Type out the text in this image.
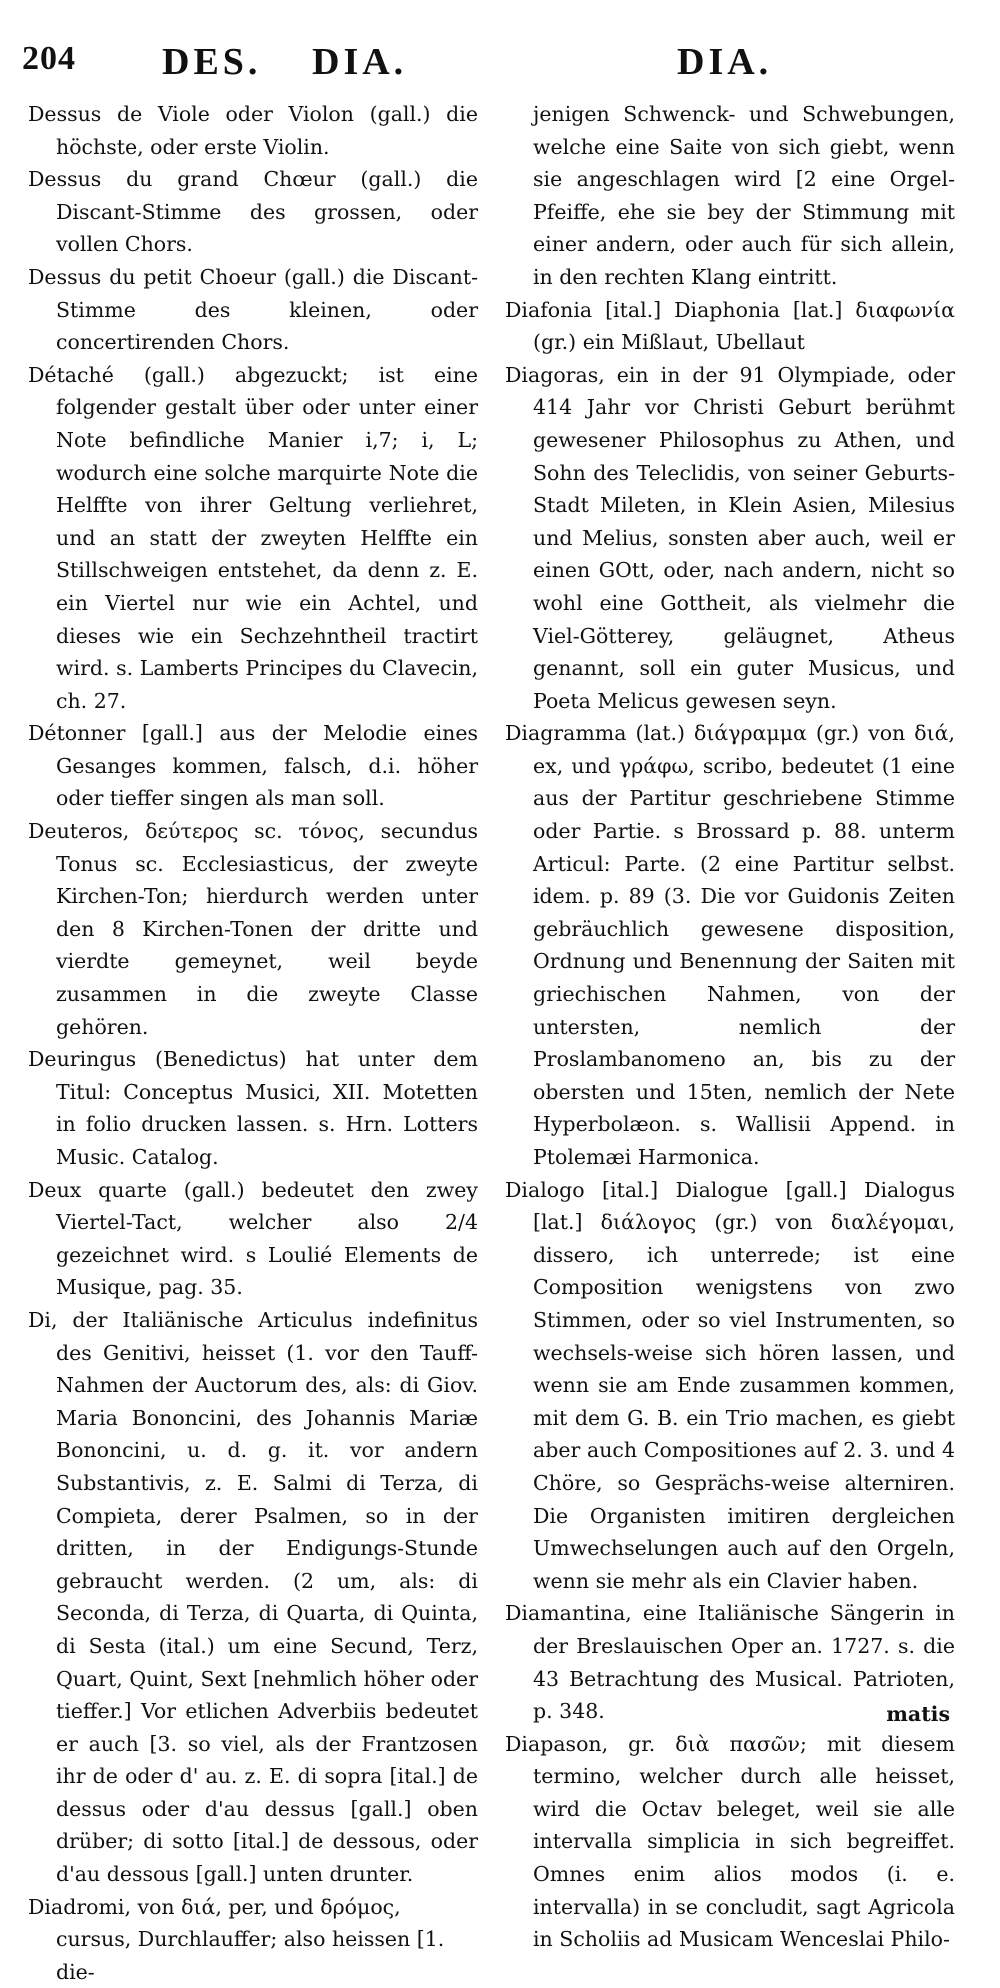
204 DES. DIA.	DIA.

Dessus de Viole oder Violon (gall.) die höchste, oder erste Violin.

Dessus du grand Chœur (gall.) die Discant-Stimme des grossen, oder vollen Chors.

Dessus du petit Choeur (gall.) die Discant-Stimme des kleinen, oder concertirenden Chors.

Détaché (gall.) abgezuckt; ist eine folgender gestalt über oder unter einer Note befindliche Manier i,7; i, L; wodurch eine solche marquirte Note die Helffte von ihrer Geltung verliehret, und an statt der zweyten Helffte ein Stillschweigen entstehet, da denn z. E. ein Viertel nur wie ein Achtel, und dieses wie ein Sechzehntheil tractirt wird. s. Lamberts Principes du Clavecin, ch. 27.

Détonner [gall.] aus der Melodie eines Gesanges kommen, falsch, d.i. höher oder tieffer singen als man soll.

Deuteros, δεύτερος sc. τόνος, secundus Tonus sc. Ecclesiasticus, der zweyte Kirchen-Ton; hierdurch werden unter den 8 Kirchen-Tonen der dritte und vierdte gemeynet, weil beyde zusammen in die zweyte Classe gehören.

Deuringus (Benedictus) hat unter dem Titul: Conceptus Musici, XII. Motetten in folio drucken lassen. s. Hrn. Lotters Music. Catalog.

Deux quarte (gall.) bedeutet den zwey Viertel-Tact, welcher also 2/4 gezeichnet wird. s Loulié Elements de Musique, pag. 35.

Di, der Italiänische Articulus indefinitus des Genitivi, heisset (1. vor den Tauff-Nahmen der Auctorum des, als: di Giov. Maria Bononcini, des Johannis Mariæ Bononcini, u. d. g. it. vor andern Substantivis, z. E. Salmi di Terza, di Compieta, derer Psalmen, so in der dritten, in der Endigungs-Stunde gebraucht werden. (2 um, als: di Seconda, di Terza, di Quarta, di Quinta, di Sesta (ital.) um eine Secund, Terz, Quart, Quint, Sext [nehmlich höher oder tieffer.] Vor etlichen Adverbiis bedeutet er auch [3. so viel, als der Frantzosen ihr de oder d' au. z. E. di sopra [ital.] de dessus oder d'au dessus [gall.] oben drüber; di sotto [ital.] de dessous, oder d'au dessous [gall.] unten drunter.

Diadromi, von διά, per, und δρόμος, cursus, Durchlauffer; also heissen [1. die-

jenigen Schwenck- und Schwebungen, welche eine Saite von sich giebt, wenn sie angeschlagen wird [2 eine Orgel-Pfeiffe, ehe sie bey der Stimmung mit einer andern, oder auch für sich allein, in den rechten Klang eintritt.

Diafonia [ital.] Diaphonia [lat.] διαφωνία (gr.) ein Mißlaut, Ubellaut

Diagoras, ein in der 91 Olympiade, oder 414 Jahr vor Christi Geburt berühmt gewesener Philosophus zu Athen, und Sohn des Teleclidis, von seiner Geburts-Stadt Mileten, in Klein Asien, Milesius und Melius, sonsten aber auch, weil er einen GOtt, oder, nach andern, nicht so wohl eine Gottheit, als vielmehr die Viel-Götterey, geläugnet, Atheus genannt, soll ein guter Musicus, und Poeta Melicus gewesen seyn.

Diagramma (lat.) διάγραμμα (gr.) von διά, ex, und γράφω, scribo, bedeutet (1 eine aus der Partitur geschriebene Stimme oder Partie. s Brossard p. 88. unterm Articul: Parte. (2 eine Partitur selbst. idem. p. 89 (3. Die vor Guidonis Zeiten gebräuchlich gewesene disposition, Ordnung und Benennung der Saiten mit griechischen Nahmen, von der untersten, nemlich der Proslambanomeno an, bis zu der obersten und 15ten, nemlich der Nete Hyperbolæon. s. Wallisii Append. in Ptolemæi Harmonica.

Dialogo [ital.] Dialogue [gall.] Dialogus [lat.] διάλογος (gr.) von διαλέγομαι, dissero, ich unterrede; ist eine Composition wenigstens von zwo Stimmen, oder so viel Instrumenten, so wechsels-weise sich hören lassen, und wenn sie am Ende zusammen kommen, mit dem G. B. ein Trio machen, es giebt aber auch Compositiones auf 2. 3. und 4 Chöre, so Gesprächs-weise alterniren. Die Organisten imitiren dergleichen Umwechselungen auch auf den Orgeln, wenn sie mehr als ein Clavier haben.

Diamantina, eine Italiänische Sängerin in der Breslauischen Oper an. 1727. s. die 43 Betrachtung des Musical. Patrioten, p. 348.

Diapason, gr. διὰ πασῶν; mit diesem termino, welcher durch alle heisset, wird die Octav beleget, weil sie alle intervalla simplicia in sich begreiffet. Omnes enim alios modos (i. e. intervalla) in se concludit, sagt Agricola in Scholiis ad Musicam Wenceslai Philo-

matis
